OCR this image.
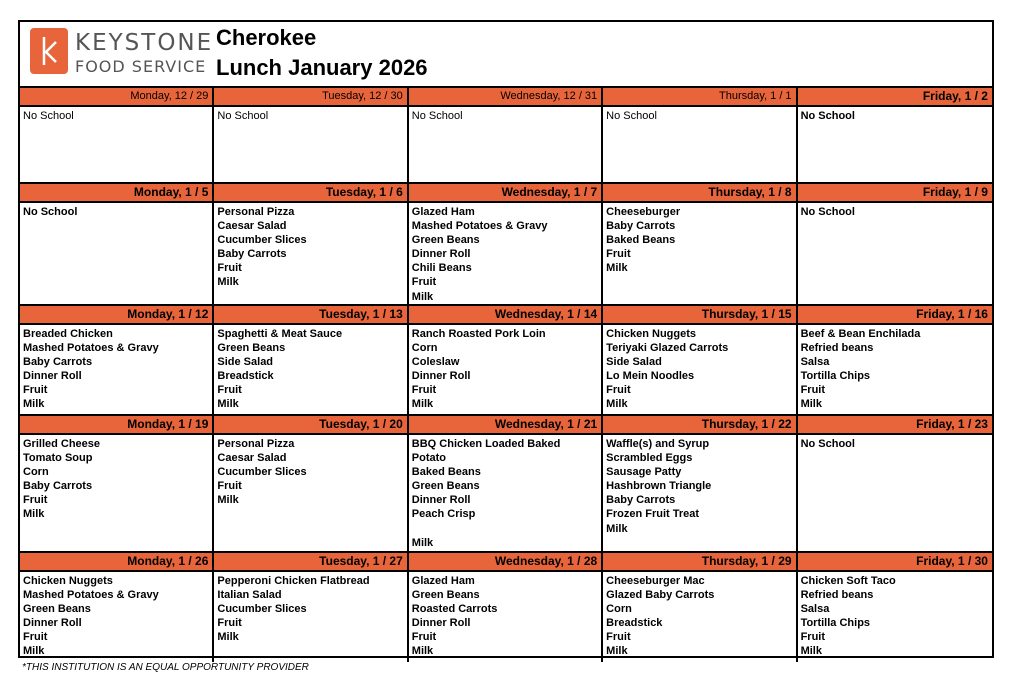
KEYSTONE
FOOD SERVICE
Cherokee
Lunch January 2026
Monday, 12 / 29
No School
Tuesday, 12 / 30
No School
Wednesday, 12 / 31
No School
Thursday, 1 / 1
No School
Friday, 1 / 2
No School
Monday, 1 / 5
No School
Tuesday, 1 / 6
Personal Pizza
Caesar Salad
Cucumber Slices
Baby Carrots
Fruit
Milk
Wednesday, 1 / 7
Glazed Ham
Mashed Potatoes & Gravy
Green Beans
Dinner Roll
Chili Beans
Fruit
Milk
Thursday, 1 / 8
Cheeseburger
Baby Carrots
Baked Beans
Fruit
Milk
Friday, 1 / 9
No School
Monday, 1 / 12
Breaded Chicken
Mashed Potatoes & Gravy
Baby Carrots
Dinner Roll
Fruit
Milk
Tuesday, 1 / 13
Spaghetti & Meat Sauce
Green Beans
Side Salad
Breadstick
Fruit
Milk
Wednesday, 1 / 14
Ranch Roasted Pork Loin
Corn
Coleslaw
Dinner Roll
Fruit
Milk
Thursday, 1 / 15
Chicken Nuggets
Teriyaki Glazed Carrots
Side Salad
Lo Mein Noodles
Fruit
Milk
Friday, 1 / 16
Beef & Bean Enchilada
Refried beans
Salsa
Tortilla Chips
Fruit
Milk
Monday, 1 / 19
Grilled Cheese
Tomato Soup
Corn
Baby Carrots
Fruit
Milk
Tuesday, 1 / 20
Personal Pizza
Caesar Salad
Cucumber Slices
Fruit
Milk
Wednesday, 1 / 21
BBQ Chicken Loaded Baked
Potato
Baked Beans
Green Beans
Dinner Roll
Peach Crisp

Milk
Thursday, 1 / 22
Waffle(s) and Syrup
Scrambled Eggs
Sausage Patty
Hashbrown Triangle
Baby Carrots
Frozen Fruit Treat
Milk
Friday, 1 / 23
No School
Monday, 1 / 26
Chicken Nuggets
Mashed Potatoes & Gravy
Green Beans
Dinner Roll
Fruit
Milk
Tuesday, 1 / 27
Pepperoni Chicken Flatbread
Italian Salad
Cucumber Slices
Fruit
Milk
Wednesday, 1 / 28
Glazed Ham
Green Beans
Roasted Carrots
Dinner Roll
Fruit
Milk
Thursday, 1 / 29
Cheeseburger Mac
Glazed Baby Carrots
Corn
Breadstick
Fruit
Milk
Friday, 1 / 30
Chicken Soft Taco
Refried beans
Salsa
Tortilla Chips
Fruit
Milk
*THIS INSTITUTION IS AN EQUAL OPPORTUNITY PROVIDER
